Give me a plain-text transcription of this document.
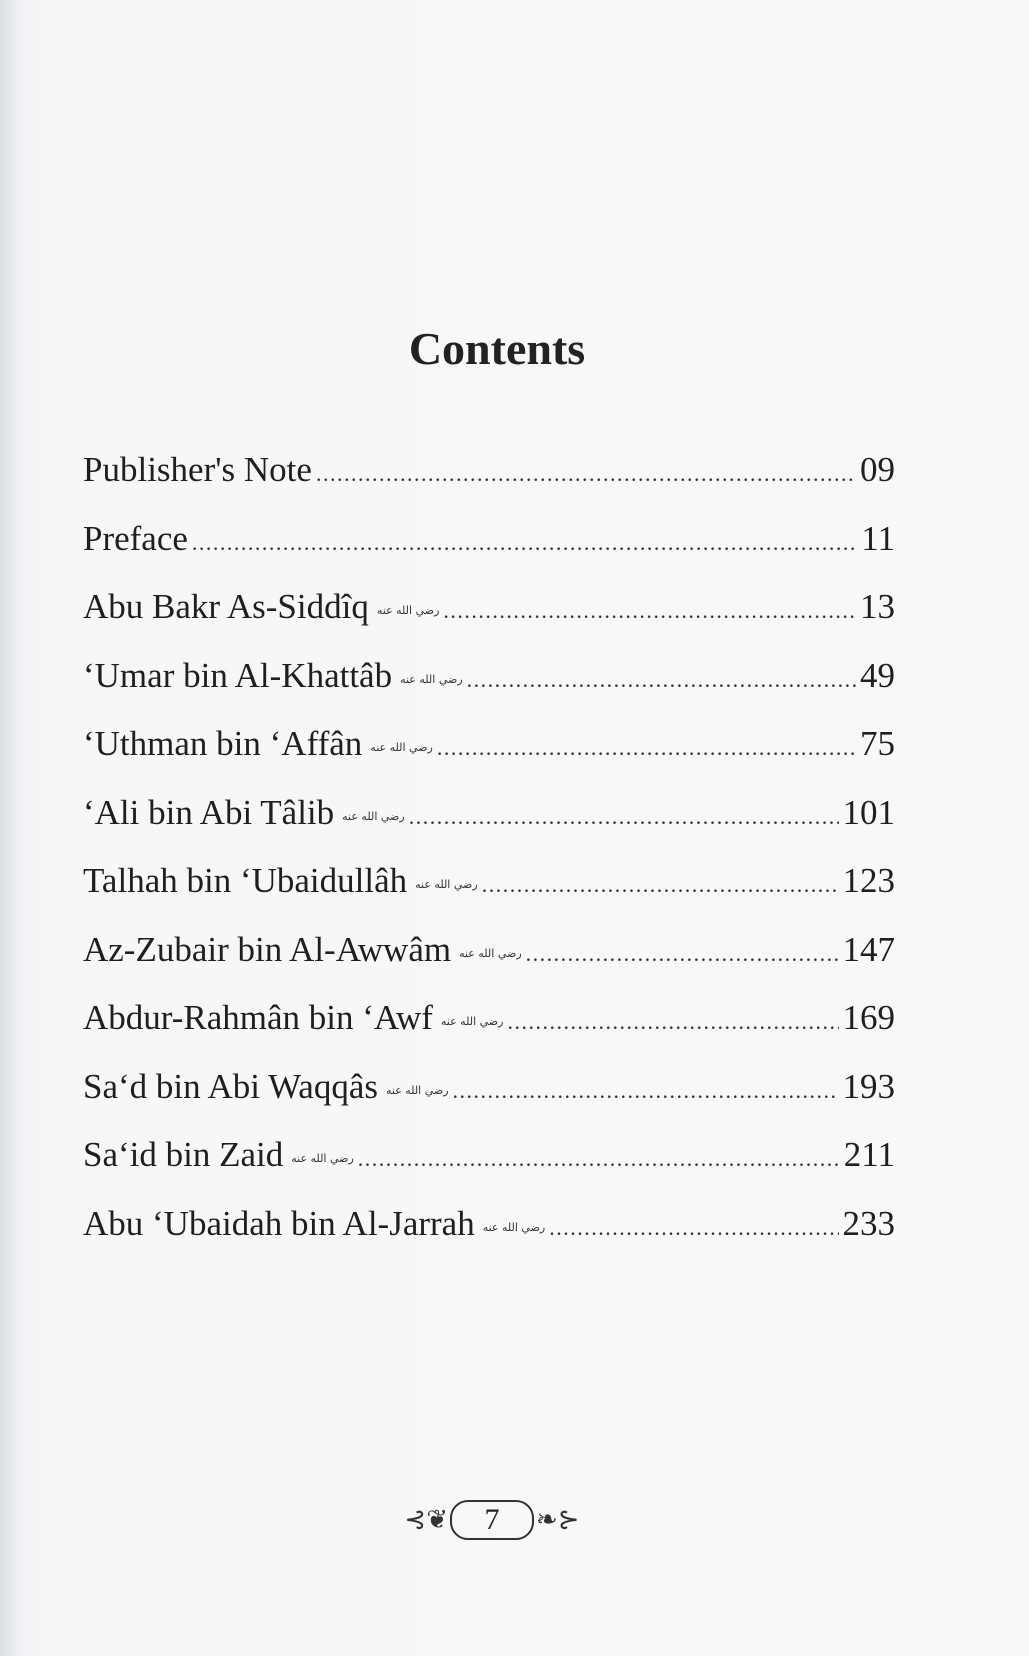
Contents
Publisher's Note .....	09
Preface .....	11
Abu Bakr As-Siddîq رضي الله عنه .....	13
‘Umar bin Al-Khattâb رضي الله عنه .....	49
‘Uthman bin ‘Affân رضي الله عنه .....	75
‘Ali bin Abi Tâlib رضي الله عنه .....	101
Talhah bin ‘Ubaidullâh رضي الله عنه .....	123
Az-Zubair bin Al-Awwâm رضي الله عنه .....	147
Abdur-Rahmân bin ‘Awf رضي الله عنه .....	169
Sa‘d bin Abi Waqqâs رضي الله عنه .....	193
Sa‘id bin Zaid رضي الله عنه .....	211
Abu ‘Ubaidah bin Al-Jarrah رضي الله عنه .....	233
⊰❦	7	❧⊱
